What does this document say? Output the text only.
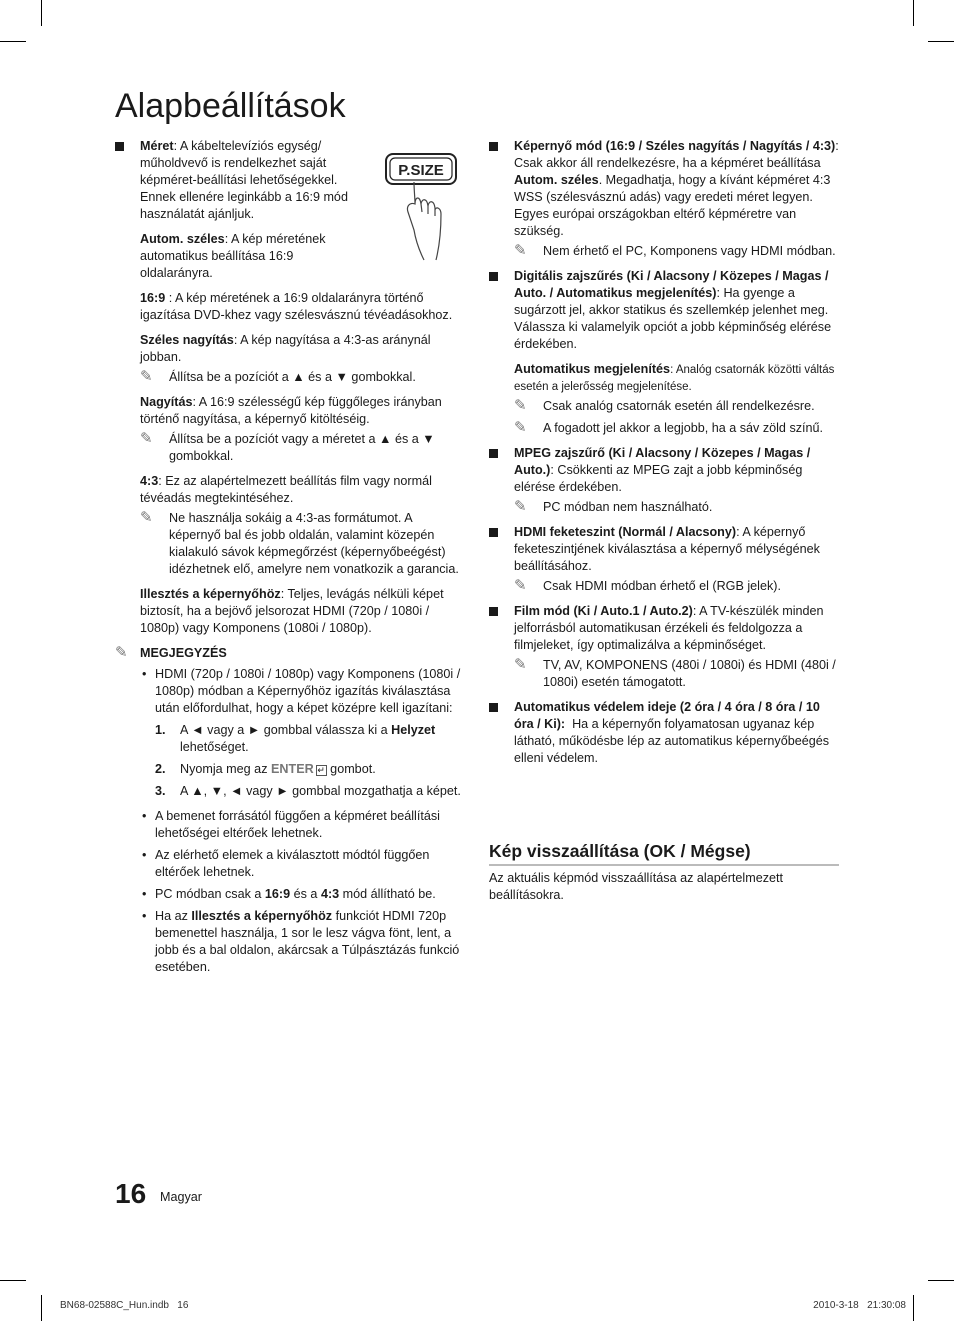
Alapbeállítások
P.SIZE
Méret: A kábeltelevíziós egység/ műholdvevő is rendelkezhet saját képméret-beállítási lehetőségekkel. Ennek ellenére leginkább a 16:9 mód használatát ajánljuk.
Autom. széles: A kép méretének automatikus beállítása 16:9 oldalarányra.
16:9 : A kép méretének a 16:9 oldalarányra történő igazítása DVD-khez vagy szélesvásznú tévéadásokhoz.
Széles nagyítás: A kép nagyítása a 4:3-as aránynál jobban.
✎ Állítsa be a pozíciót a ▲ és a ▼ gombokkal.
Nagyítás: A 16:9 szélességű kép függőleges irányban történő nagyítása, a képernyő kitöltéséig.
✎ Állítsa be a pozíciót vagy a méretet a ▲ és a ▼ gombokkal.
4:3: Ez az alapértelmezett beállítás film vagy normál tévéadás megtekintéséhez.
✎ Ne használja sokáig a 4:3-as formátumot. A képernyő bal és jobb oldalán, valamint közepén kialakuló sávok képmegőrzést (képernyőbeégést) idézhetnek elő, amelyre nem vonatkozik a garancia.
Illesztés a képernyőhöz: Teljes, levágás nélküli képet biztosít, ha a bejövő jelsorozat HDMI (720p / 1080i / 1080p) vagy Komponens (1080i / 1080p).
✎ MEGJEGYZÉS
• HDMI (720p / 1080i / 1080p) vagy Komponens (1080i / 1080p) módban a Képernyőhöz igazítás kiválasztása után előfordulhat, hogy a képet középre kell igazítani:
1. A ◄ vagy a ► gombbal válassza ki a Helyzet lehetőséget.
2. Nyomja meg az ENTER ↵ gombot.
3. A ▲, ▼, ◄ vagy ► gombbal mozgathatja a képet.
• A bemenet forrásától függően a képméret beállítási lehetőségei eltérőek lehetnek.
• Az elérhető elemek a kiválasztott módtól függően eltérőek lehetnek.
• PC módban csak a 16:9 és a 4:3 mód állítható be.
• Ha az Illesztés a képernyőhöz funkciót HDMI 720p bemenettel használja, 1 sor le lesz vágva fönt, lent, a jobb és a bal oldalon, akárcsak a Túlpásztázás funkció esetében.
Képernyő mód (16:9 / Széles nagyítás / Nagyítás / 4:3): Csak akkor áll rendelkezésre, ha a képméret beállítása Autom. széles. Megadhatja, hogy a kívánt képméret 4:3 WSS (szélesvásznú adás) vagy eredeti méret legyen. Egyes európai országokban eltérő képméretre van szükség.
✎ Nem érhető el PC, Komponens vagy HDMI módban.
Digitális zajszűrés (Ki / Alacsony / Közepes / Magas / Auto. / Automatikus megjelenítés): Ha gyenge a sugárzott jel, akkor statikus és szellemkép jelenhet meg. Válassza ki valamelyik opciót a jobb képminőség elérése érdekében.
Automatikus megjelenítés: Analóg csatornák közötti váltás esetén a jelerősség megjelenítése.
✎ Csak analóg csatornák esetén áll rendelkezésre.
✎ A fogadott jel akkor a legjobb, ha a sáv zöld színű.
MPEG zajszűrő (Ki / Alacsony / Közepes / Magas / Auto.): Csökkenti az MPEG zajt a jobb képminőség elérése érdekében.
✎ PC módban nem használható.
HDMI feketeszint (Normál / Alacsony): A képernyő feketeszintjének kiválasztása a képernyő mélységének beállításához.
✎ Csak HDMI módban érhető el (RGB jelek).
Film mód (Ki / Auto.1 / Auto.2): A TV-készülék minden jelforrásból automatikusan érzékeli és feldolgozza a filmjeleket, így optimalizálva a képminőséget.
✎ TV, AV, KOMPONENS (480i / 1080i) és HDMI (480i / 1080i) esetén támogatott.
Automatikus védelem ideje (2 óra / 4 óra / 8 óra / 10 óra / Ki):  Ha a képernyőn folyamatosan ugyanaz kép látható, működésbe lép az automatikus képernyőbeégés elleni védelem.
Kép visszaállítása (OK / Mégse)
Az aktuális képmód visszaállítása az alapértelmezett beállításokra.
16 Magyar
BN68-02588C_Hun.indb   16	2010-3-18   21:30:08
